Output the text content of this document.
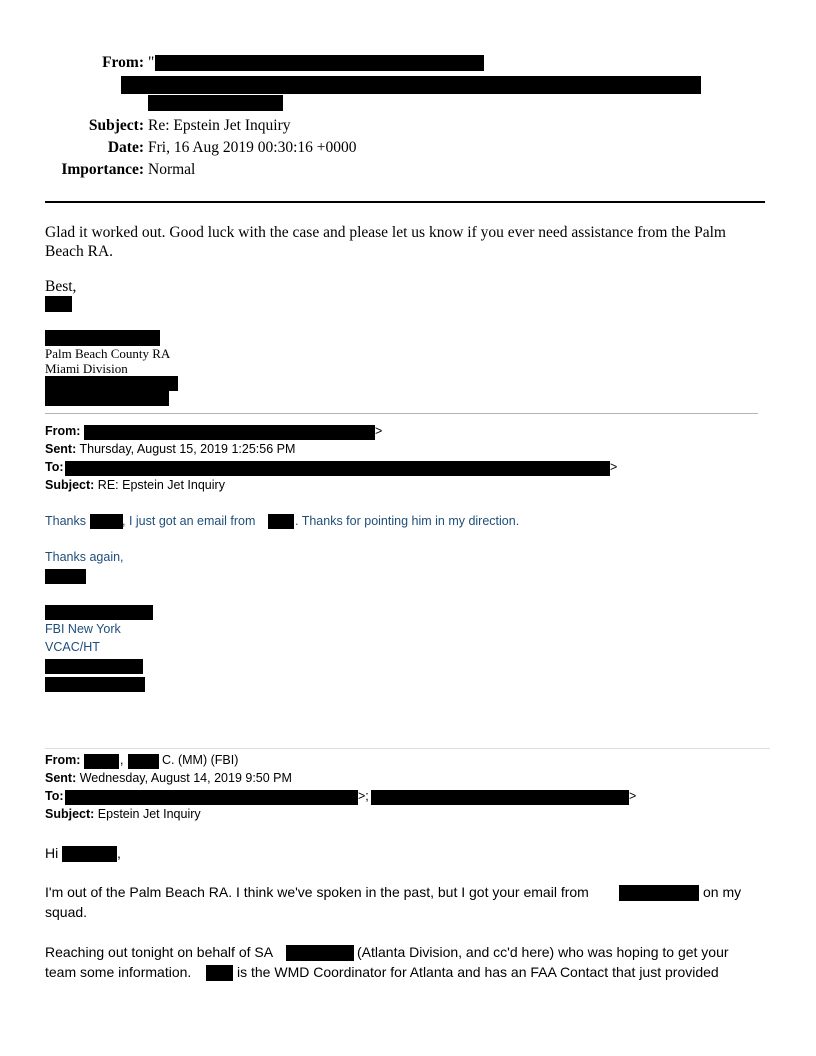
From: "
Subject: Re: Epstein Jet Inquiry
Date: Fri, 16 Aug 2019 00:30:16 +0000
Importance: Normal
Glad it worked out. Good luck with the case and please let us know if you ever need assistance from the Palm Beach RA.
Best,
Palm Beach County RA
Miami Division
From:	>
Sent: Thursday, August 15, 2019 1:25:56 PM
To:	>
Subject: RE: Epstein Jet Inquiry
Thanks	, I just got an email from	. Thanks for pointing him in my direction.
Thanks again,
FBI New York
VCAC/HT
From:	,	C. (MM) (FBI)
Sent: Wednesday, August 14, 2019 9:50 PM
To:	>;	>
Subject: Epstein Jet Inquiry
Hi	,
I'm out of the Palm Beach RA. I think we've spoken in the past, but I got your email from	on my
squad.
Reaching out tonight on behalf of SA	(Atlanta Division, and cc'd here) who was hoping to get your
team some information.	is the WMD Coordinator for Atlanta and has an FAA Contact that just provided
